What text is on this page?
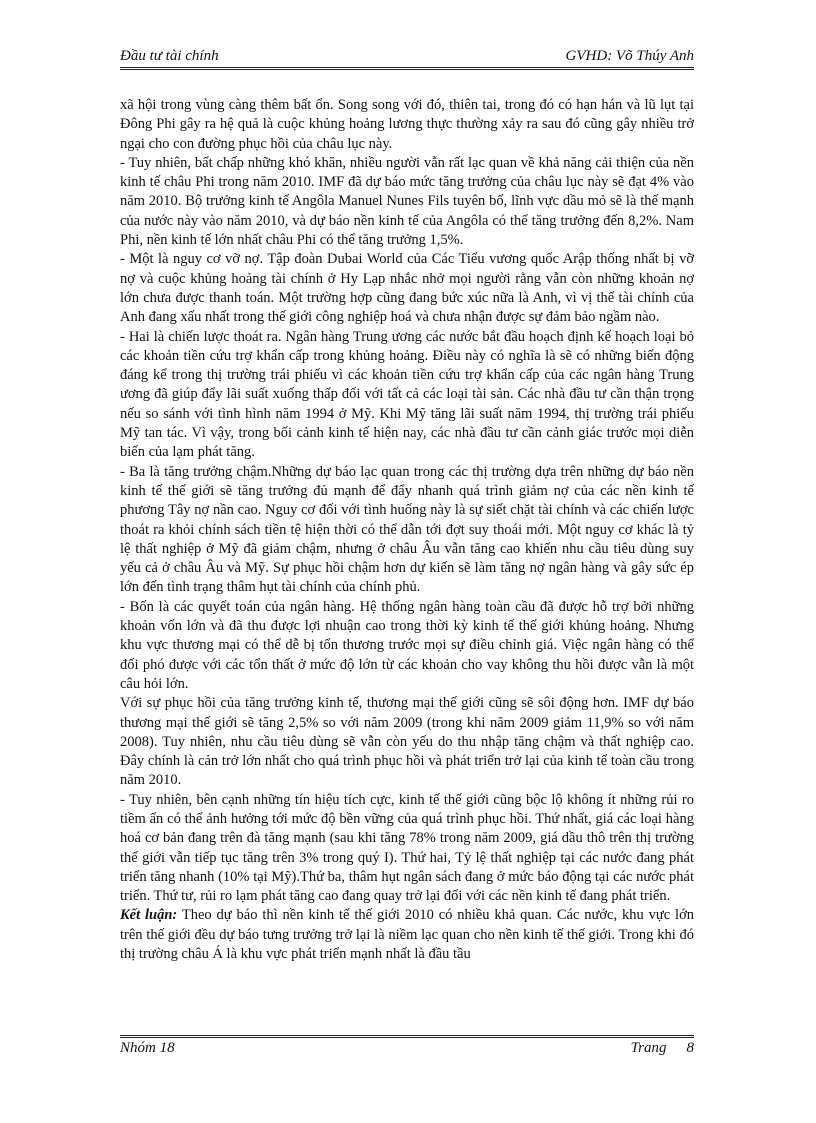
Đầu tư tài chính	GVHD: Võ Thúy Anh

xã hội trong vùng càng thêm bất ổn. Song song với đó, thiên tai, trong đó có hạn hán và lũ lụt tại Đông Phi gây ra hệ quả là cuộc khủng hoảng lương thực thường xảy ra sau đó cũng gây nhiều trở ngại cho con đường phục hồi của châu lục này.

- Tuy nhiên, bất chấp những khó khăn, nhiều người vẫn rất lạc quan về khả năng cải thiện của nền kinh tế châu Phi trong năm 2010. IMF đã dự báo mức tăng trưởng của châu lục này sẽ đạt 4% vào năm 2010. Bộ trưởng kinh tế Angôla Manuel Nunes Fils tuyên bố, lĩnh vực dầu mỏ sẽ là thế mạnh của nước này vào năm 2010, và dự báo nền kinh tế của Angôla có thể tăng trưởng đến 8,2%. Nam Phi, nền kinh tế lớn nhất châu Phi có thể tăng trưởng 1,5%.

- Một là nguy cơ vỡ nợ. Tập đoàn Dubai World của Các Tiểu vương quốc Arập thống nhất bị vỡ nợ và cuộc khủng hoảng tài chính ở Hy Lạp nhắc nhở mọi người rằng vẫn còn những khoản nợ lớn chưa được thanh toán. Một trường hợp cũng đang bức xúc nữa là Anh, vì vị thế tài chính của Anh đang xấu nhất trong thế giới công nghiệp hoá và chưa nhận được sự đảm bảo ngầm nào.

- Hai là chiến lược thoát ra. Ngân hàng Trung ương các nước bắt đầu hoạch định kế hoạch loại bỏ các khoản tiền cứu trợ khẩn cấp trong khủng hoảng. Điều này có nghĩa là sẽ có những biến động đáng kể trong thị trường trái phiếu vì các khoản tiền cứu trợ khẩn cấp của các ngân hàng Trung ương đã giúp đẩy lãi suất xuống thấp đối với tất cả các loại tài sản. Các nhà đầu tư cần thận trọng nếu so sánh với tình hình năm 1994 ở Mỹ. Khi Mỹ tăng lãi suất năm 1994, thị trường trái phiếu Mỹ tan tác. Vì vậy, trong bối cảnh kinh tế hiện nay, các nhà đầu tư cần cảnh giác trước mọi diễn biến của lạm phát tăng.

- Ba là tăng trưởng chậm.Những dự báo lạc quan trong các thị trường dựa trên những dự báo nền kinh tế thế giới sẽ tăng trưởng đủ mạnh để đẩy nhanh quá trình giảm nợ của các nền kinh tế phương Tây nợ nần cao. Nguy cơ đối với tình huống này là sự siết chặt tài chính và các chiến lược thoát ra khỏi chính sách tiền tệ hiện thời có thể dẫn tới đợt suy thoái mới. Một nguy cơ khác là tỷ lệ thất nghiệp ở Mỹ đã giảm chậm, nhưng ở châu Âu vẫn tăng cao khiến nhu cầu tiêu dùng suy yếu cả ở châu Âu và Mỹ. Sự phục hồi chậm hơn dự kiến sẽ làm tăng nợ ngân hàng và gây sức ép lớn đến tình trạng thâm hụt tài chính của chính phủ.

- Bốn là các quyết toán của ngân hàng. Hệ thống ngân hàng toàn cầu đã được hỗ trợ bởi những khoản vốn lớn và đã thu được lợi nhuận cao trong thời kỳ kinh tế thế giới khủng hoảng. Nhưng khu vực thương mại có thể dễ bị tổn thương trước mọi sự điều chỉnh giá. Việc ngân hàng có thể đối phó được với các tổn thất ở mức độ lớn từ các khoản cho vay không thu hồi được vẫn là một câu hỏi lớn.

Với sự phục hồi của tăng trưởng kinh tế, thương mại thế giới cũng sẽ sôi động hơn. IMF dự báo thương mại thế giới sẽ tăng 2,5% so với năm 2009 (trong khi năm 2009 giảm 11,9% so với năm 2008). Tuy nhiên, nhu cầu tiêu dùng sẽ vẫn còn yếu do thu nhập tăng chậm và thất nghiệp cao. Đây chính là cản trở lớn nhất cho quá trình phục hồi và phát triển trở lại của kinh tế toàn cầu trong năm 2010.

- Tuy nhiên, bên cạnh những tín hiệu tích cực, kinh tế thế giới cũng bộc lộ không ít những rủi ro tiềm ẩn có thể ảnh hưởng tới mức độ bền vững của quá trình phục hồi. Thứ nhất, giá các loại hàng hoá cơ bản đang trên đà tăng mạnh (sau khi tăng 78% trong năm 2009, giá dầu thô trên thị trường thế giới vẫn tiếp tục tăng trên 3% trong quý I). Thứ hai, Tỷ lệ thất nghiệp tại các nước đang phát triển tăng nhanh (10% tại Mỹ).Thứ ba, thâm hụt ngân sách đang ở mức báo động tại các nước phát triển. Thứ tư, rủi ro lạm phát tăng cao đang quay trở lại đối với các nền kinh tế đang phát triển.

Kết luận: Theo dự báo thì nền kinh tế thế giới 2010 có nhiều khả quan. Các nước, khu vực lớn trên thế giới đều dự báo tưng trưởng trở lại là niềm lạc quan cho nền kinh tế thế giới. Trong khi đó thị trường châu Á là khu vực phát triển mạnh nhất là đầu tầu

Nhóm 18	Trang 8
